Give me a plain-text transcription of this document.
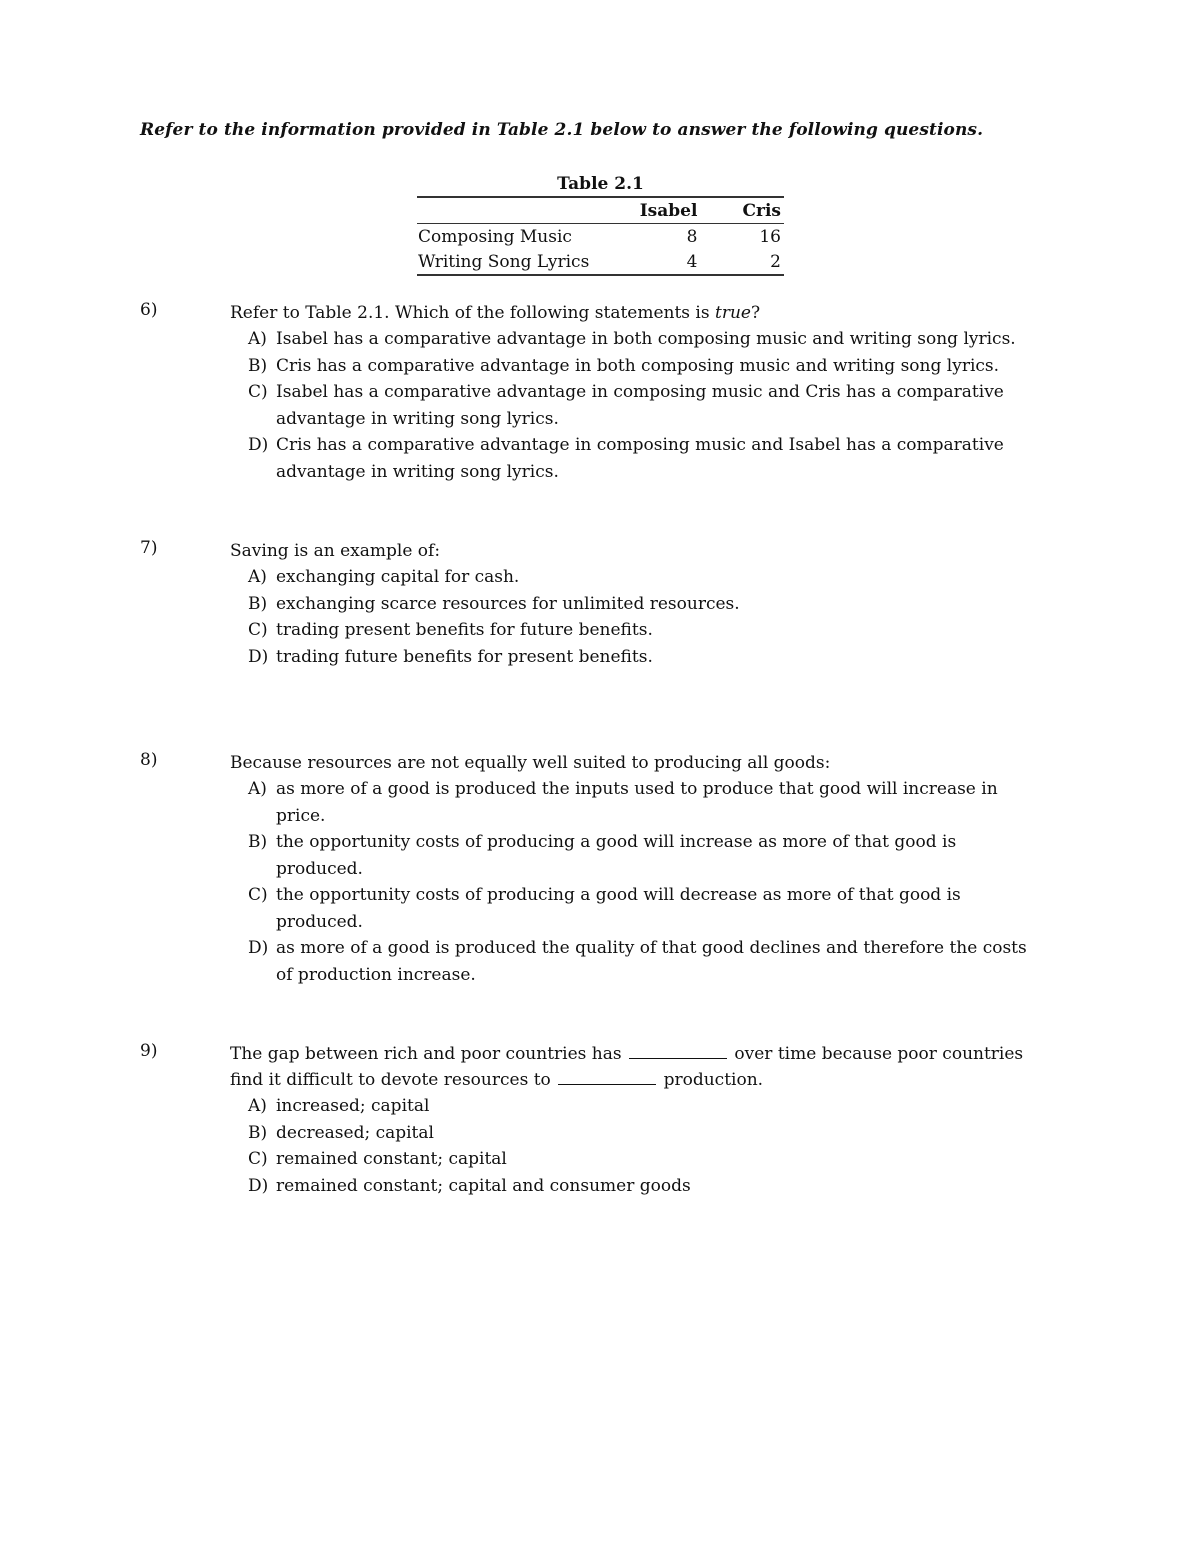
Refer to the information provided in Table 2.1 below to answer the following questions.
Table 2.1
	Isabel	Cris
Composing Music	8	16
Writing Song Lyrics	4	2
6)	Refer to Table 2.1. Which of the following statements is true?
A) Isabel has a comparative advantage in both composing music and writing song lyrics.
B) Cris has a comparative advantage in both composing music and writing song lyrics.
C) Isabel has a comparative advantage in composing music and Cris has a comparative advantage in writing song lyrics.
D) Cris has a comparative advantage in composing music and Isabel has a comparative advantage in writing song lyrics.
7)	Saving is an example of:
A) exchanging capital for cash.
B) exchanging scarce resources for unlimited resources.
C) trading present benefits for future benefits.
D) trading future benefits for present benefits.
8)	Because resources are not equally well suited to producing all goods:
A) as more of a good is produced the inputs used to produce that good will increase in price.
B) the opportunity costs of producing a good will increase as more of that good is produced.
C) the opportunity costs of producing a good will decrease as more of that good is produced.
D) as more of a good is produced the quality of that good declines and therefore the costs of production increase.
9)	The gap between rich and poor countries has	over time because poor countries find it difficult to devote resources to	production.
A) increased; capital
B) decreased; capital
C) remained constant; capital
D) remained constant; capital and consumer goods
